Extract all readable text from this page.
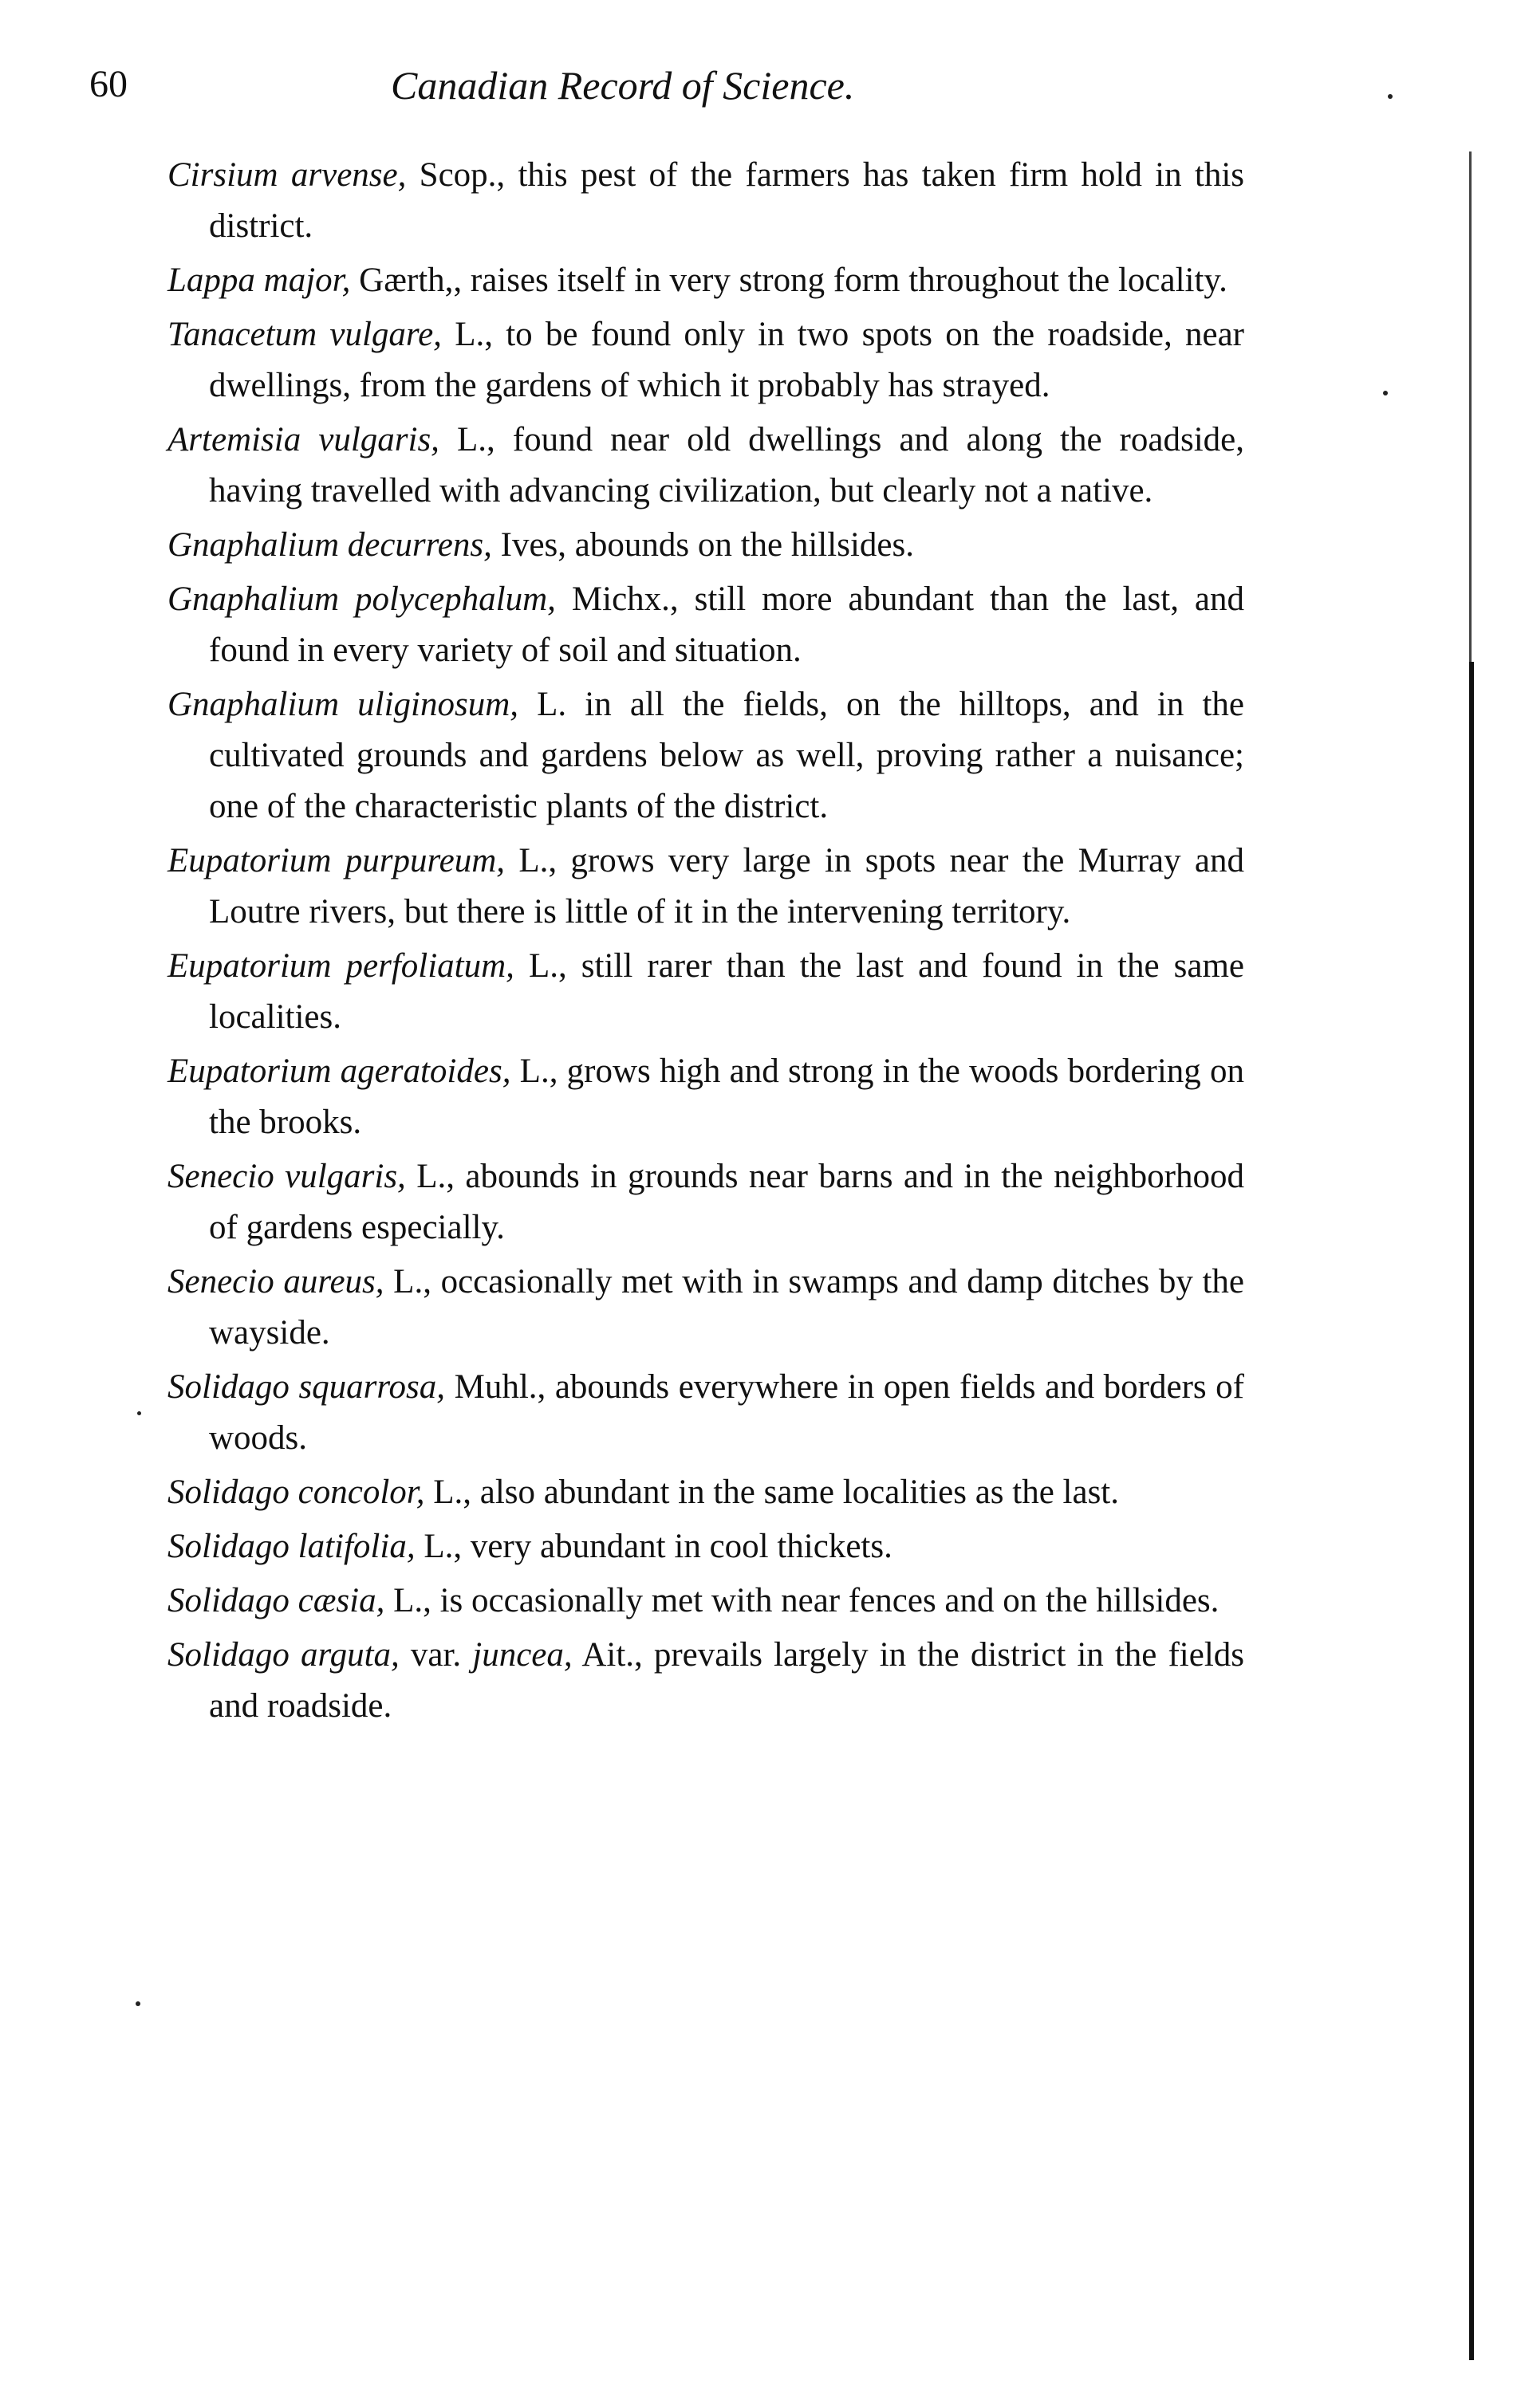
60	Canadian Record of Science.

Cirsium arvense, Scop., this pest of the farmers has taken firm hold in this district.

Lappa major, Gærth,, raises itself in very strong form throughout the locality.

Tanacetum vulgare, L., to be found only in two spots on the roadside, near dwellings, from the gardens of which it probably has strayed.

Artemisia vulgaris, L., found near old dwellings and along the roadside, having travelled with advancing civilization, but clearly not a native.

Gnaphalium decurrens, Ives, abounds on the hillsides.

Gnaphalium polycephalum, Michx., still more abundant than the last, and found in every variety of soil and situation.

Gnaphalium uliginosum, L. in all the fields, on the hilltops, and in the cultivated grounds and gardens below as well, proving rather a nuisance; one of the characteristic plants of the district.

Eupatorium purpureum, L., grows very large in spots near the Murray and Loutre rivers, but there is little of it in the intervening territory.

Eupatorium perfoliatum, L., still rarer than the last and found in the same localities.

Eupatorium ageratoides, L., grows high and strong in the woods bordering on the brooks.

Senecio vulgaris, L., abounds in grounds near barns and in the neighborhood of gardens especially.

Senecio aureus, L., occasionally met with in swamps and damp ditches by the wayside.

Solidago squarrosa, Muhl., abounds everywhere in open fields and borders of woods.

Solidago concolor, L., also abundant in the same localities as the last.

Solidago latifolia, L., very abundant in cool thickets.

Solidago cæsia, L., is occasionally met with near fences and on the hillsides.

Solidago arguta, var. juncea, Ait., prevails largely in the district in the fields and roadside.
